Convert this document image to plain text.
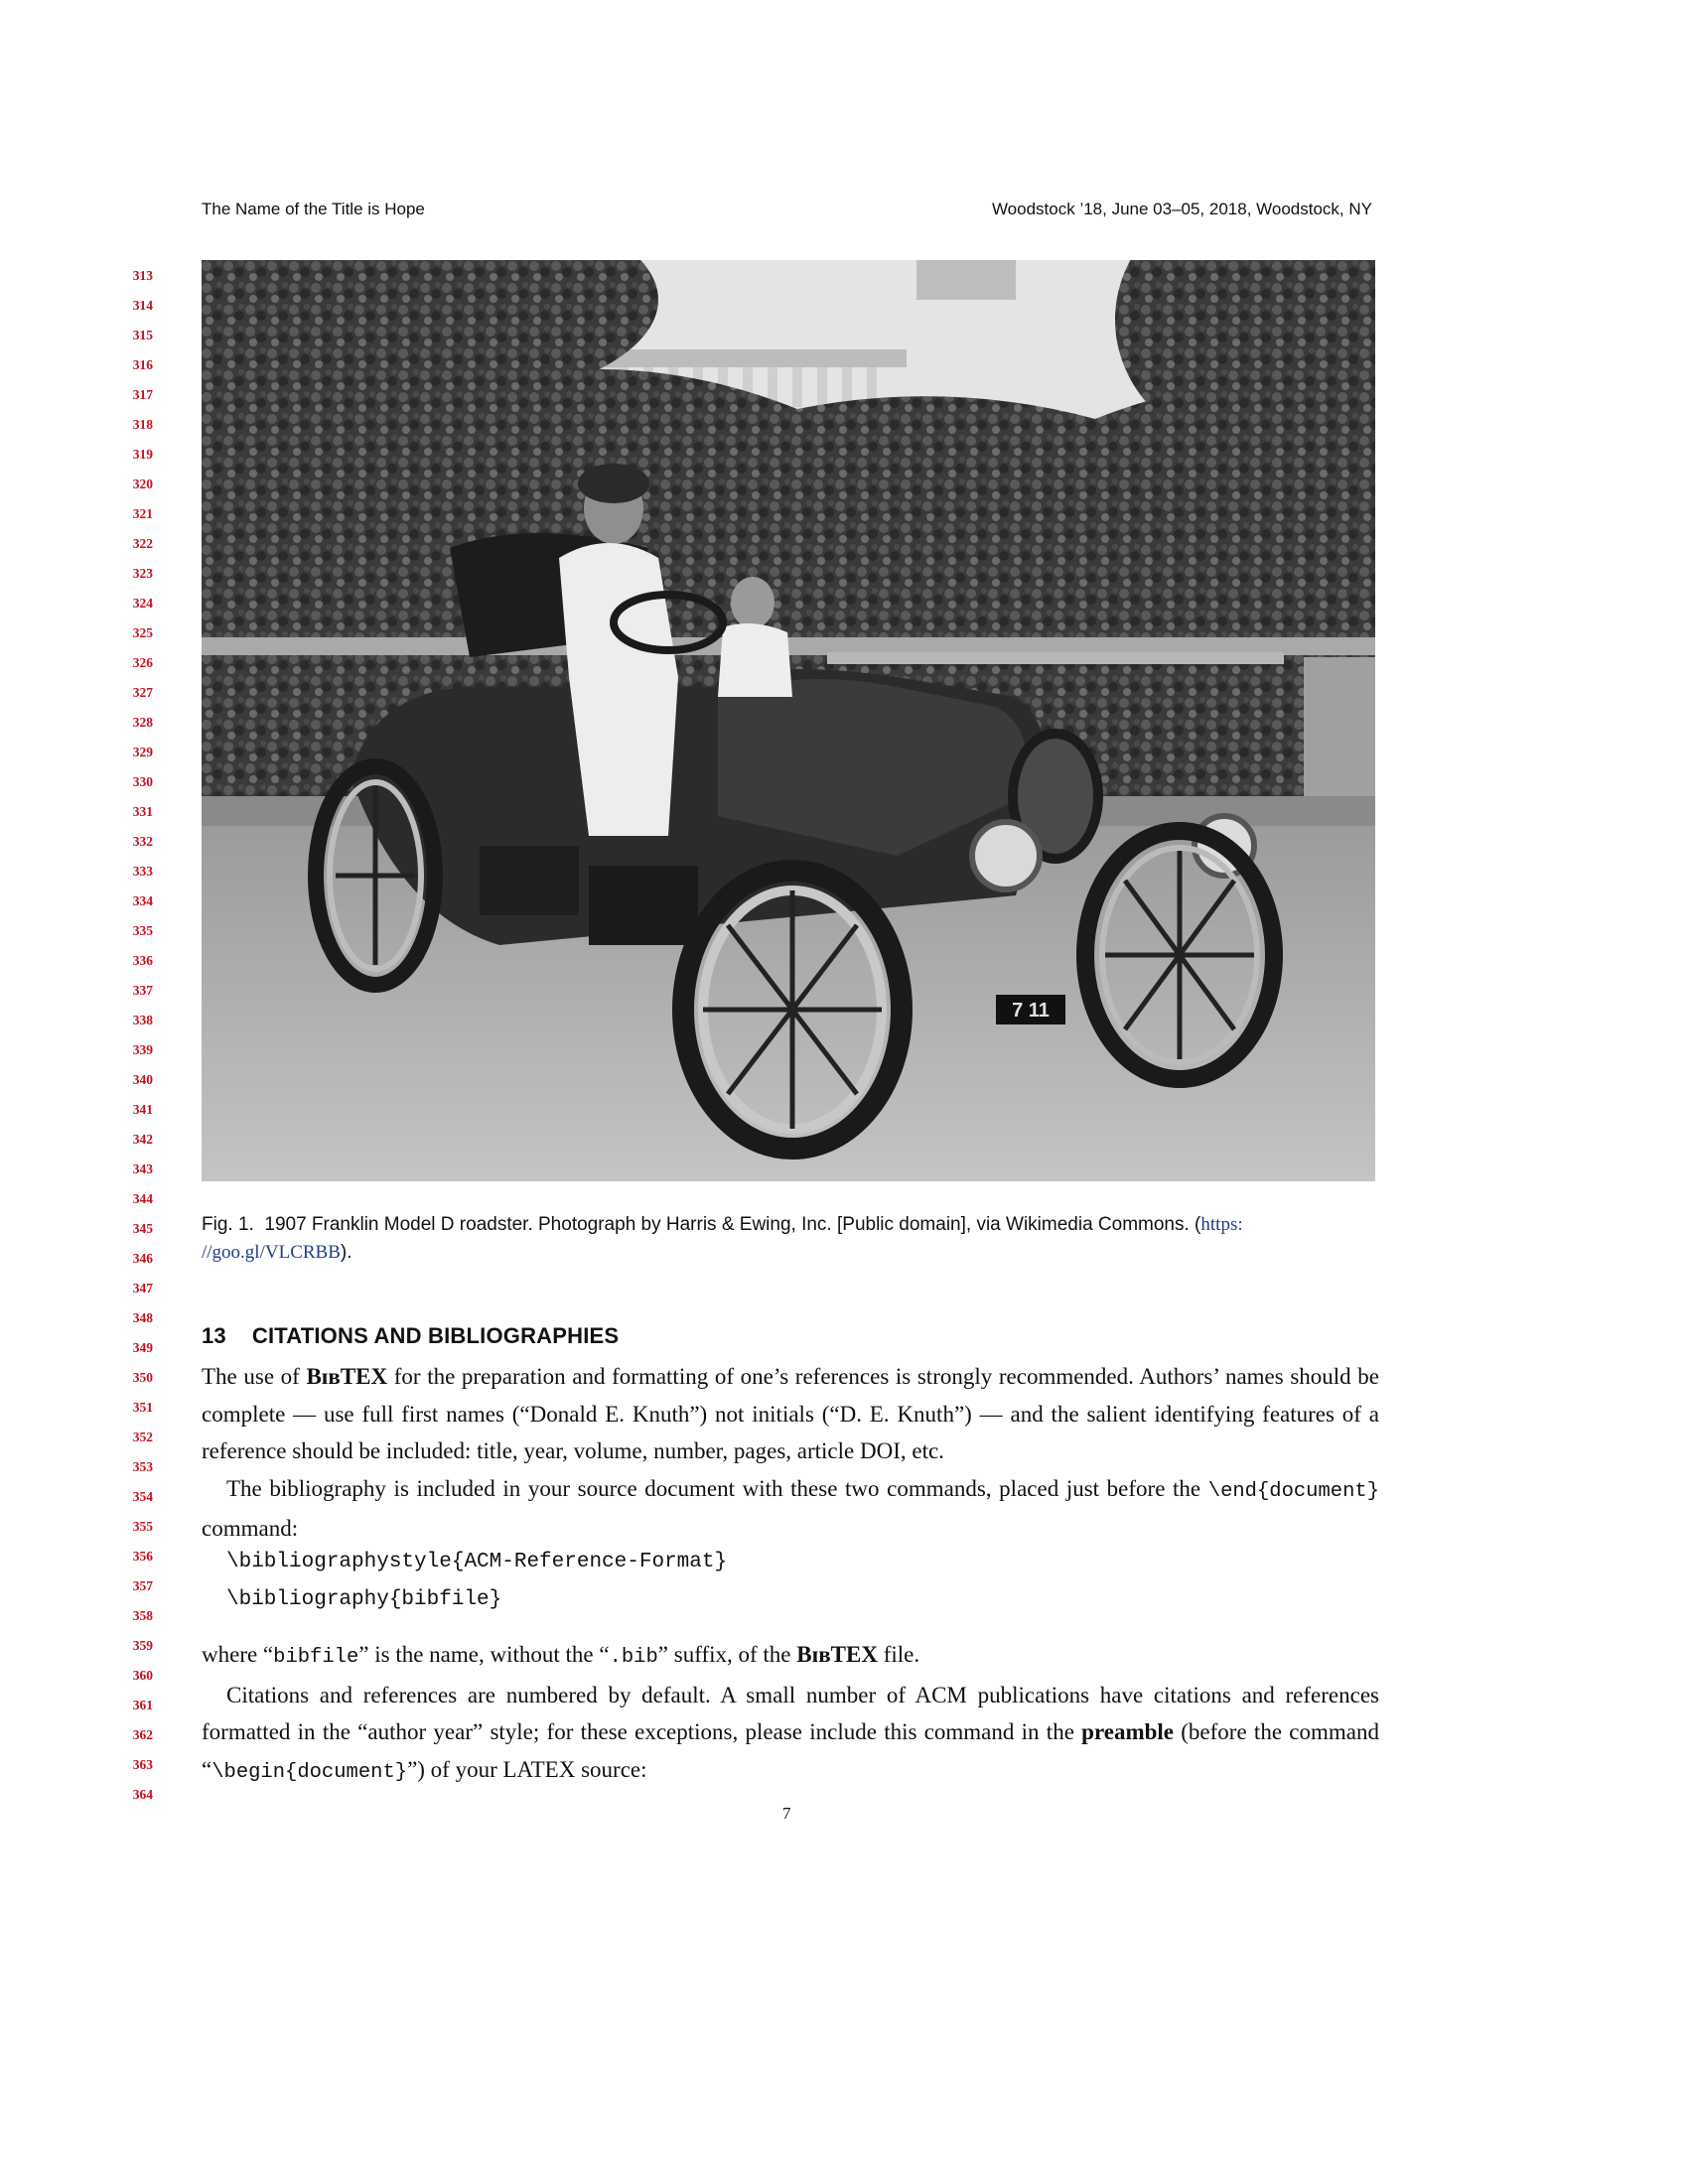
The Name of the Title is Hope	Woodstock ’18, June 03–05, 2018, Woodstock, NY
313
314
315
316
317
318
319
320
321
322
323
324
325
326
327
328
329
330
331
332
333
334
335
336
337
338
339
340
341
342
343
344
345
346
347
348
349
350
351
352
353
354
355
356
357
358
359
360
361
362
363
364
7 11
Fig. 1. 1907 Franklin Model D roadster. Photograph by Harris & Ewing, Inc. [Public domain], via Wikimedia Commons. (https:
//goo.gl/VLCRBB).
13 CITATIONS AND BIBLIOGRAPHIES

The use of BɪʙTEX for the preparation and formatting of one’s references is strongly recommended. Authors’ names should be complete — use full first names (“Donald E. Knuth”) not initials (“D. E. Knuth”) — and the salient identifying features of a reference should be included: title, year, volume, number, pages, article DOI, etc.

The bibliography is included in your source document with these two commands, placed just before the \end{document} command:

\bibliographystyle{ACM-Reference-Format}
\bibliography{bibfile}

where “bibfile” is the name, without the “.bib” suffix, of the BɪʙTEX file.

Citations and references are numbered by default. A small number of ACM publications have citations and references formatted in the “author year” style; for these exceptions, please include this command in the preamble (before the command “\begin{document}”) of your LATEX source:

7
